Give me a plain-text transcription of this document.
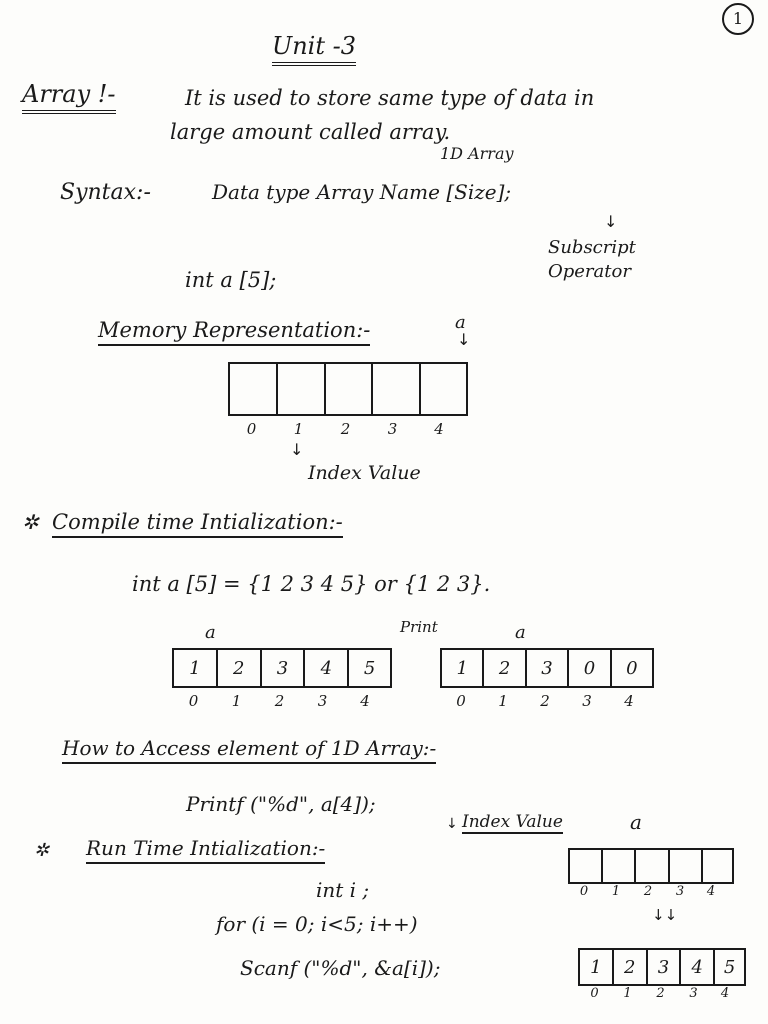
1
Unit -3
Array !-	It is used to store same type of data in
large amount called array.
1D Array
Syntax:-	Data type Array Name [Size];
↓
Subscript Operator
int a [5];
Memory Representation:-	a
↓
0	1	2	3	4
↓
Index Value
✲ Compile time Intialization:-
int a [5] = {1 2 3 4 5} or {1 2 3}.
a	Print
1	2	3	4	5
0	1	2	3	4
a
1	2	3	0	0
0	1	2	3	4
How to Access element of 1D Array:-
Printf ("%d", a[4]);
↓ Index Value
✲ Run Time Intialization:-
a
0	1	2	3	4
↓↓
int i ;
for (i = 0; i<5; i++)
Scanf ("%d", &a[i]);	1	2	3	4	5
0	1	2	3	4
